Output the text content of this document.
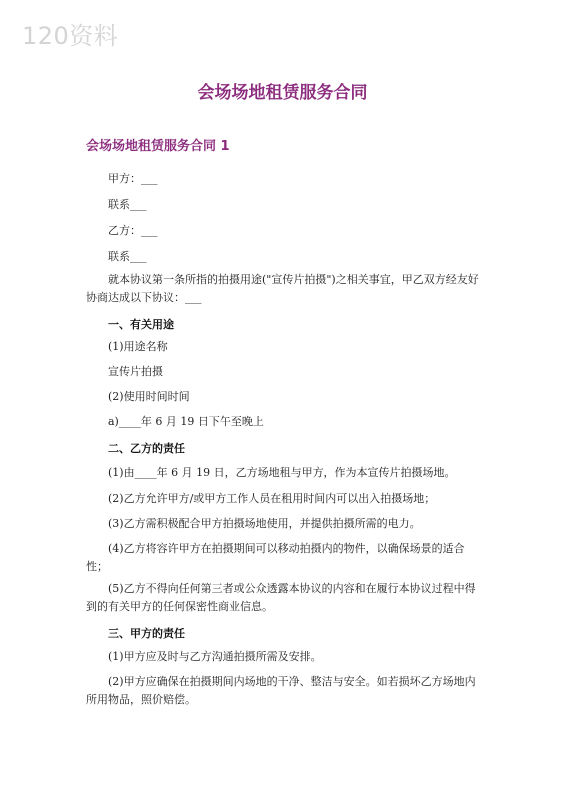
120资料
会场场地租赁服务合同
会场场地租赁服务合同 1

甲方：___

联系___

乙方：___

联系___

就本协议第一条所指的拍摄用途("宣传片拍摄")之相关事宜，甲乙双方经友好协商达成以下协议：___

一、有关用途

(1)用途名称

宣传片拍摄

(2)使用时间时间

a)____年 6 月 19 日下午至晚上

二、乙方的责任

(1)由____年 6 月 19 日，乙方场地租与甲方，作为本宣传片拍摄场地。

(2)乙方允许甲方/或甲方工作人员在租用时间内可以出入拍摄场地；

(3)乙方需积极配合甲方拍摄场地使用，并提供拍摄所需的电力。

(4)乙方将容许甲方在拍摄期间可以移动拍摄内的物件，以确保场景的适合性；

(5)乙方不得向任何第三者或公众透露本协议的内容和在履行本协议过程中得到的有关甲方的任何保密性商业信息。

三、甲方的责任

(1)甲方应及时与乙方沟通拍摄所需及安排。

(2)甲方应确保在拍摄期间内场地的干净、整洁与安全。如若损坏乙方场地内所用物品，照价赔偿。
